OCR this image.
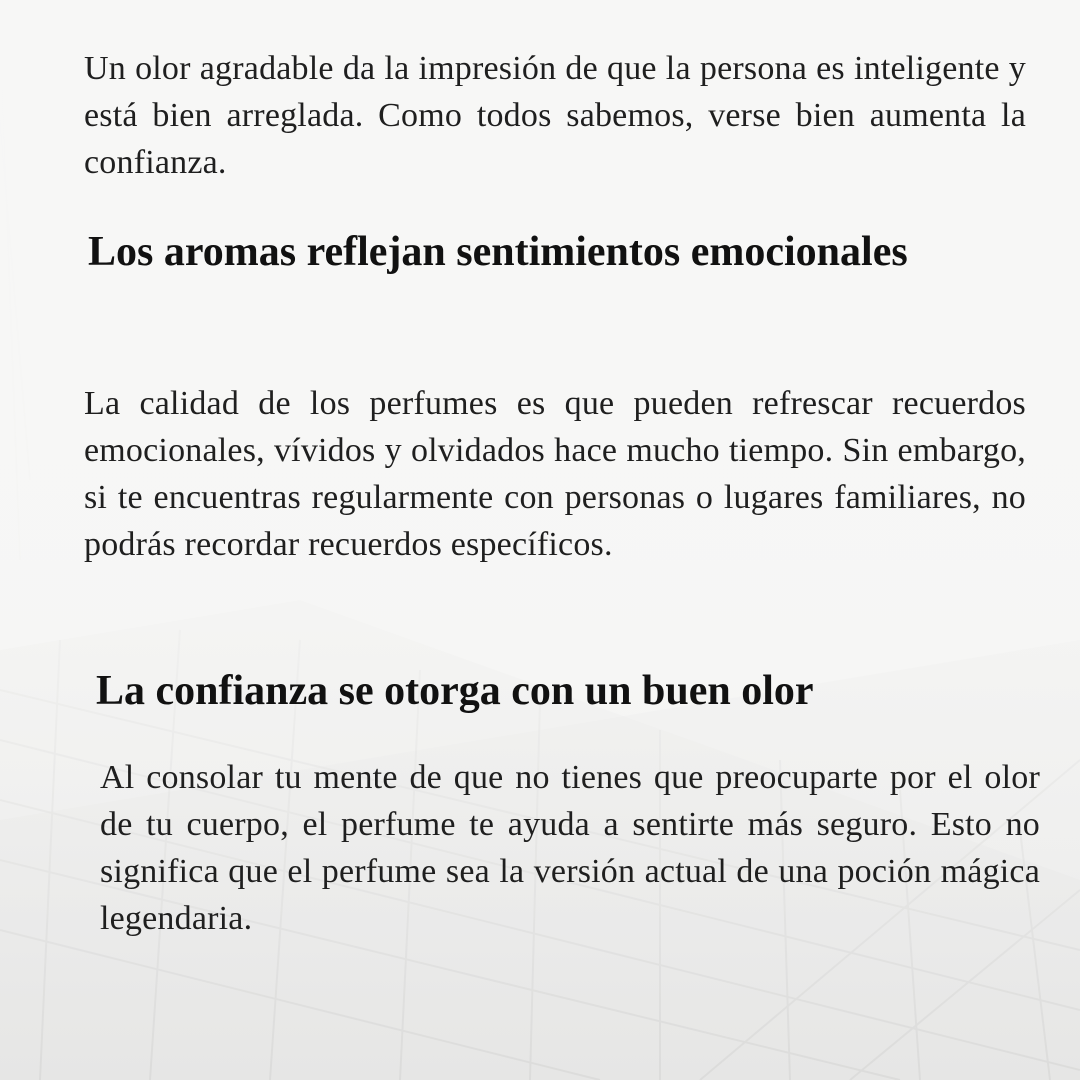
Un olor agradable da la impresión de que la persona es inteligente y está bien arreglada. Como todos sabemos, verse bien aumenta la confianza.

Los aromas reflejan sentimientos emocionales

La calidad de los perfumes es que pueden refrescar recuerdos emocionales, vívidos y olvidados hace mucho tiempo. Sin embargo, si te encuentras regularmente con personas o lugares familiares, no podrás recordar recuerdos específicos.

La confianza se otorga con un buen olor

Al consolar tu mente de que no tienes que preocuparte por el olor de tu cuerpo, el perfume te ayuda a sentirte más seguro. Esto no significa que el perfume sea la versión actual de una poción mágica legendaria.
